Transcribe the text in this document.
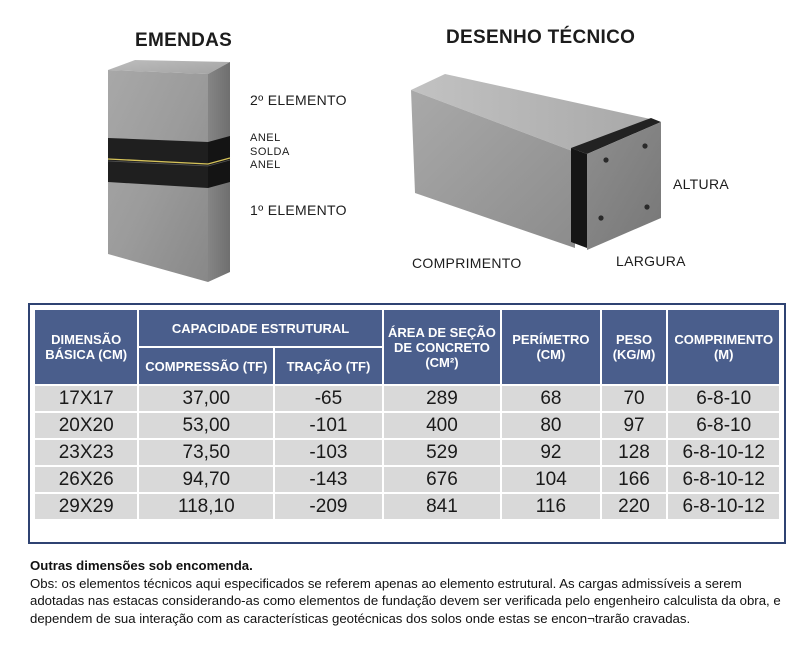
EMENDAS	DESENHO TÉCNICO
2º ELEMENTO
ANEL
SOLDA
ANEL
1º ELEMENTO
ALTURA
COMPRIMENTO	LARGURA
DIMENSÃO BÁSICA (CM)	CAPACIDADE ESTRUTURAL		ÁREA DE SEÇÃO DE CONCRETO (CM²)	PERÍMETRO (CM)	PESO (KG/M)	COMPRIMENTO (M)
	COMPRESSÃO (TF)	TRAÇÃO (TF)				
17X17	37,00	-65	289	68	70	6-8-10
20X20	53,00	-101	400	80	97	6-8-10
23X23	73,50	-103	529	92	128	6-8-10-12
26X26	94,70	-143	676	104	166	6-8-10-12
29X29	118,10	-209	841	116	220	6-8-10-12
Outras dimensões sob encomenda.
Obs: os elementos técnicos aqui especificados se referem apenas ao elemento estrutural. As cargas admissíveis a serem adotadas nas estacas considerando-as como elementos de fundação devem ser verificada pelo engenheiro calculista da obra, e dependem de sua interação com as características geotécnicas dos solos onde estas se encon¬trarão cravadas.
